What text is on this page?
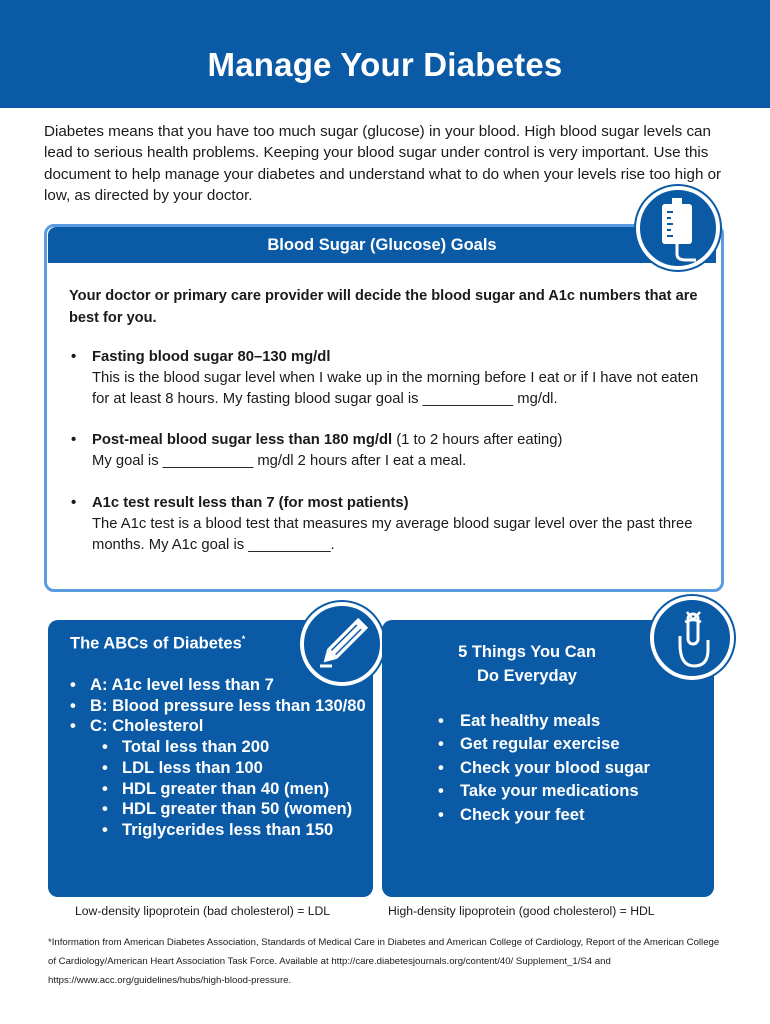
Manage Your Diabetes

Diabetes means that you have too much sugar (glucose) in your blood. High blood sugar levels can lead to serious health problems. Keeping your blood sugar under control is very important. Use this document to help manage your diabetes and understand what to do when your levels rise too high or low, as directed by your doctor.

Blood Sugar (Glucose) Goals

Your doctor or primary care provider will decide the blood sugar and A1c numbers that are best for you.

• Fasting blood sugar 80–130 mg/dl
This is the blood sugar level when I wake up in the morning before I eat or if I have not eaten for at least 8 hours. My fasting blood sugar goal is ___________ mg/dl.
• Post-meal blood sugar less than 180 mg/dl (1 to 2 hours after eating)
My goal is ___________ mg/dl 2 hours after I eat a meal.
• A1c test result less than 7 (for most patients)
The A1c test is a blood test that measures my average blood sugar level over the past three months. My A1c goal is __________.
The ABCs of Diabetes*
• A: A1c level less than 7
• B: Blood pressure less than 130/80
• C: Cholesterol
• Total less than 200
• LDL less than 100
• HDL greater than 40 (men)
• HDL greater than 50 (women)
• Triglycerides less than 150
5 Things You Can
Do Everyday
• Eat healthy meals
• Get regular exercise
• Check your blood sugar
• Take your medications
• Check your feet
Low-density lipoprotein (bad cholesterol) = LDL	High-density lipoprotein (good cholesterol) = HDL

*Information from American Diabetes Association, Standards of Medical Care in Diabetes and American College of Cardiology, Report of the American College of Cardiology/American Heart Association Task Force. Available at http://care.diabetesjournals.org/content/40/ Supplement_1/S4 and https://www.acc.org/guidelines/hubs/high-blood-pressure.
